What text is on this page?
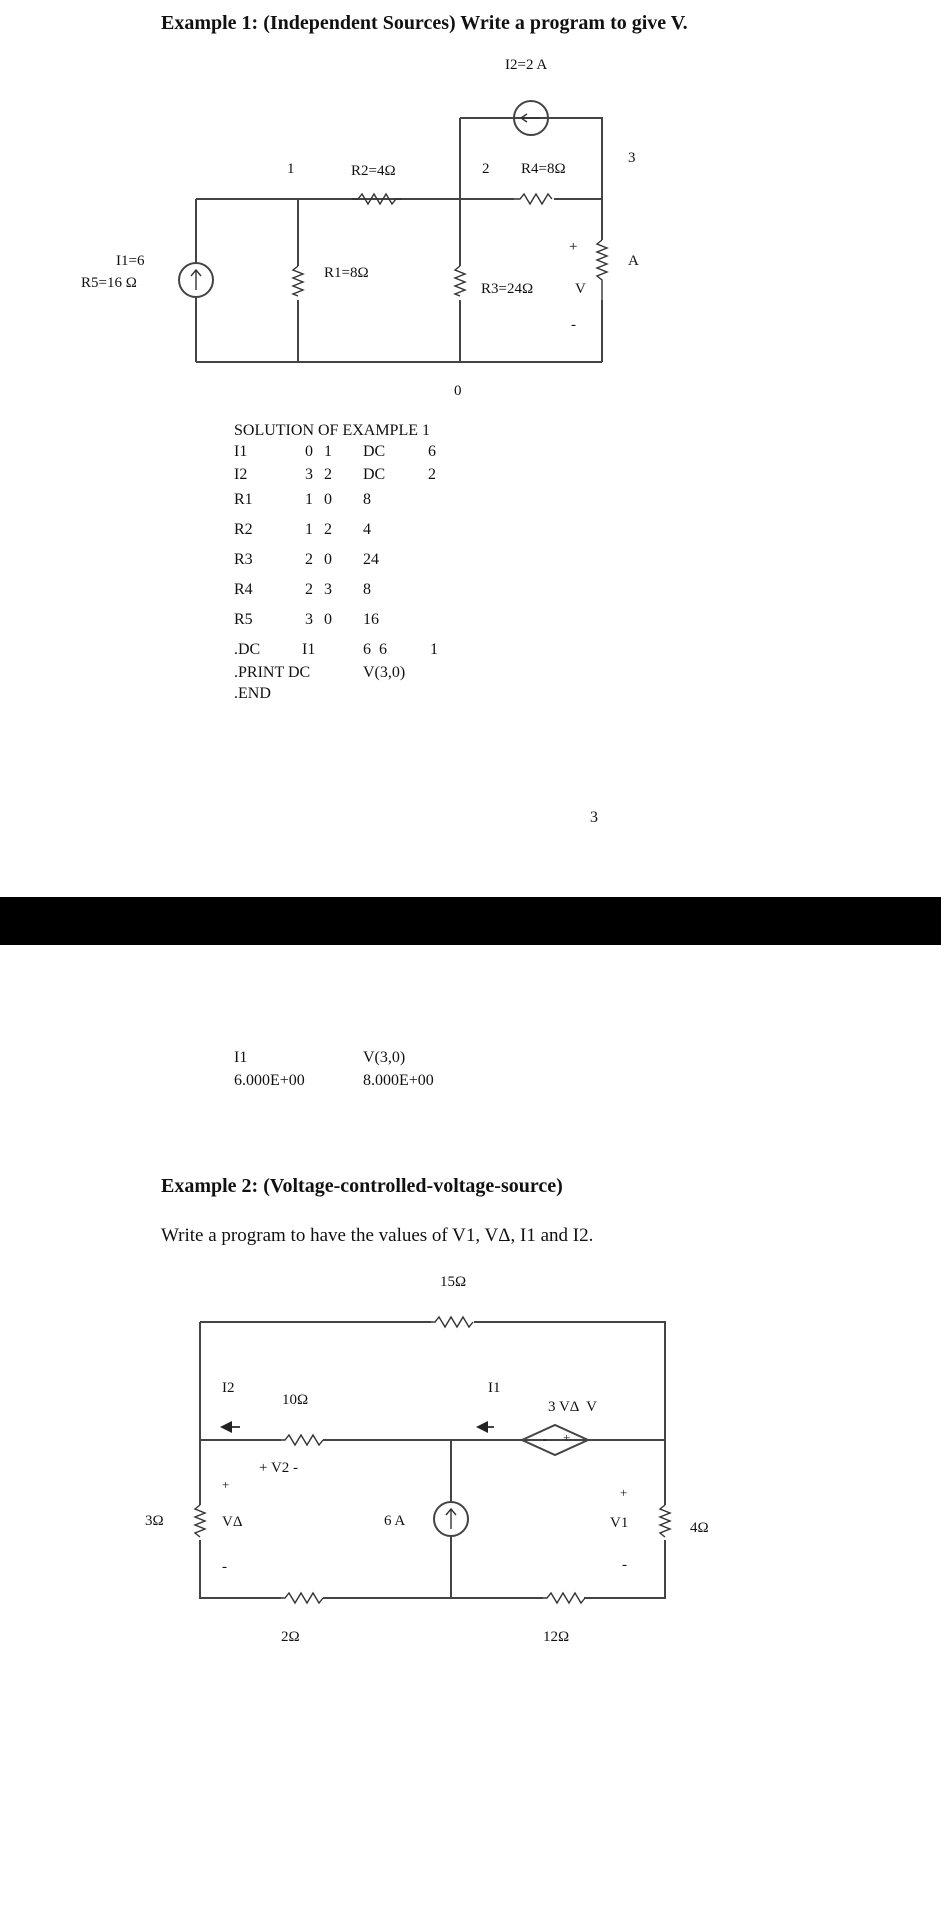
Example 1: (Independent Sources) Write a program to give V.
I2=2 A
1	R2=4Ω	2 R4=8Ω
3
A
I1=6
R5=16 Ω
R1=8Ω
R3=24Ω	V
+
-
0
SOLUTION OF EXAMPLE 1
I1	0 1 DC	6
I2	3 2 DC	2
R1	1 0 8
R2	1 2 4
R3	2 0 24
R4	2 3 8
R5	3 0 16
.DC	I1	6  6	1
.PRINT DC	V(3,0)
.END
3
I1	V(3,0)
6.000E+00	8.000E+00
Example 2: (Voltage-controlled-voltage-source)
Write a program to have the values of V1, VΔ, I1 and I2.
15Ω
I2
10Ω
I1
3 VΔ  V
- +
+ V2 -
+
3Ω	VΔ
-
6 A
+
V1
-
4Ω
2Ω	12Ω
